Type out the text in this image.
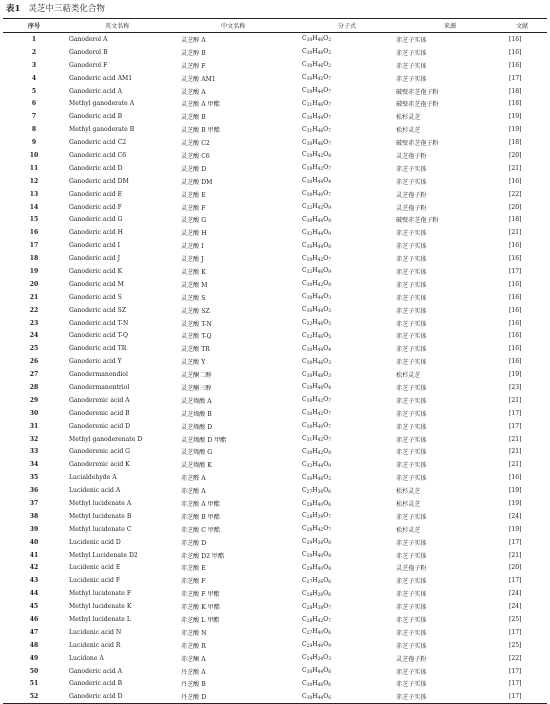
表1 灵芝中三萜类化合物
序号	英文名称	中文名称	分子式	来源	文献
1	Ganoderol A	灵芝醇 A	$C_{30}H_{46}O_2$	赤芝子实体	[16]
2	Ganoderol B	灵芝醇 B	$C_{30}H_{48}O_2$	赤芝子实体	[16]
3	Ganoderol F	灵芝醇 F	$C_{30}H_{46}O_2$	赤芝子实体	[16]
4	Ganoderic acid AM1	灵芝酸 AM1	$C_{30}H_{42}O_7$	赤芝子实体	[17]
5	Ganoderic acid A	灵芝酸 A	$C_{30}H_{44}O_7$	破壁赤芝孢子粉	[18]
6	Methyl ganoderate A	灵芝酸 A 甲酯	$C_{31}H_{46}O_7$	破壁赤芝孢子粉	[18]
7	Ganoderic acid B	灵芝酸 B	$C_{30}H_{44}O_7$	松杉灵芝	[19]
8	Methyl ganoderate B	灵芝酸 B 甲酯	$C_{31}H_{46}O_7$	松杉灵芝	[19]
9	Ganoderic acid C2	灵芝酸 C2	$C_{30}H_{46}O_7$	破壁赤芝孢子粉	[18]
10	Ganoderic acid C6	灵芝酸 C6	$C_{30}H_{42}O_8$	灵芝孢子粉	[20]
11	Ganoderic acid D	灵芝酸 D	$C_{30}H_{42}O_7$	赤芝子实体	[21]
12	Ganoderic acid DM	灵芝酸 DM	$C_{30}H_{44}O_4$	赤芝子实体	[16]
13	Ganoderic acid E	灵芝酸 E	$C_{30}H_{40}O_7$	灵芝孢子粉	[22]
14	Ganoderic acid F	灵芝酸 F	$C_{32}H_{42}O_9$	灵芝孢子粉	[20]
15	Ganoderic acid G	灵芝酸 G	$C_{30}H_{44}O_8$	破壁赤芝孢子粉	[18]
16	Ganoderic acid H	灵芝酸 H	$C_{32}H_{44}O_9$	赤芝子实体	[21]
17	Ganoderic acid I	灵芝酸 I	$C_{30}H_{44}O_8$	赤芝子实体	[16]
18	Ganoderic acid J	灵芝酸 J	$C_{30}H_{42}O_7$	赤芝子实体	[16]
19	Ganoderic acid K	灵芝酸 K	$C_{32}H_{46}O_9$	赤芝子实体	[17]
20	Ganoderic acid M	灵芝酸 M	$C_{30}H_{42}O_8$	赤芝子实体	[16]
21	Ganoderic acid S	灵芝酸 S	$C_{30}H_{44}O_3$	赤芝子实体	[16]
22	Ganoderic acid SZ	灵芝酸 SZ	$C_{30}H_{44}O_3$	赤芝子实体	[16]
23	Ganoderic acid T-N	灵芝酸 T-N	$C_{32}H_{48}O_5$	赤芝子实体	[16]
24	Ganoderic acid T-Q	灵芝酸 T-Q	$C_{32}H_{46}O_5$	赤芝子实体	[16]
25	Ganoderic acid TR	灵芝酸 TR	$C_{30}H_{44}O_4$	赤芝子实体	[16]
26	Ganoderic acid Y	灵芝酸 Y	$C_{30}H_{46}O_3$	赤芝子实体	[16]
27	Ganodermanondiol	灵芝酮二醇	$C_{30}H_{48}O_3$	松杉灵芝	[19]
28	Ganodermanontriol	灵芝酮三醇	$C_{30}H_{48}O_4$	赤芝子实体	[23]
29	Ganoderenic acid A	灵芝烯酸 A	$C_{30}H_{42}O_7$	赤芝子实体	[21]
30	Ganoderenic acid B	灵芝烯酸 B	$C_{30}H_{42}O_7$	赤芝子实体	[17]
31	Ganoderenic acid D	灵芝烯酸 D	$C_{30}H_{40}O_7$	赤芝子实体	[17]
32	Methyl ganoderenate D	灵芝烯酸 D 甲酯	$C_{31}H_{42}O_7$	赤芝子实体	[21]
33	Ganoderenic acid G	灵芝烯酸 G	$C_{30}H_{42}O_8$	赤芝子实体	[21]
34	Ganoderenic acid K	灵芝烯酸 K	$C_{32}H_{44}O_9$	赤芝子实体	[21]
35	Lucialdehyde A	赤芝醛 A	$C_{30}H_{46}O_2$	赤芝子实体	[16]
36	Lucidenic acid A	赤芝酸 A	$C_{27}H_{38}O_6$	松杉灵芝	[19]
37	Methyl lucidenate A	赤芝酸 A 甲酯	$C_{28}H_{40}O_6$	松杉灵芝	[19]
38	Methyl lucidenate B	赤芝酸 B 甲酯	$C_{28}H_{39}O_7$	赤芝子实体	[24]
39	Methyl lucidenate C	赤芝酸 C 甲酯	$C_{28}H_{42}O_7$	松杉灵芝	[19]
40	Lucidenic acid D	赤芝酸 D	$C_{29}H_{38}O_8$	赤芝子实体	[17]
41	Methyl Lucidenate D2	赤芝酸 D2 甲酯	$C_{30}H_{40}O_8$	赤芝子实体	[21]
42	Lucidenic acid E	赤芝酸 E	$C_{29}H_{40}O_8$	灵芝孢子粉	[20]
43	Lucidenic acid F	赤芝酸 F	$C_{27}H_{36}O_6$	赤芝子实体	[17]
44	Methyl lucidenate F	赤芝酸 F 甲酯	$C_{28}H_{38}O_6$	赤芝子实体	[24]
45	Methyl lucidenate K	赤芝酸 K 甲酯	$C_{28}H_{38}O_7$	赤芝子实体	[24]
46	Methyl lucidenate L	赤芝酸 L 甲酯	$C_{28}H_{42}O_7$	赤芝子实体	[25]
47	Lucidenic acid N	赤芝酸 N	$C_{27}H_{40}O_6$	赤芝子实体	[17]
48	Lucidenic acid R	赤芝酸 R	$C_{29}H_{40}O_9$	赤芝子实体	[25]
49	Lucidone A	赤芝酮 A	$C_{24}H_{34}O_3$	灵芝孢子粉	[22]
50	Ganoderic acid A	丹芝酸 A	$C_{30}H_{44}O_6$	赤芝子实体	[17]
51	Ganoderic acid B	丹芝酸 B	$C_{30}H_{46}O_6$	赤芝子实体	[17]
52	Ganoderic acid D	丹芝酸 D	$C_{30}H_{44}O_6$	赤芝子实体	[17]
